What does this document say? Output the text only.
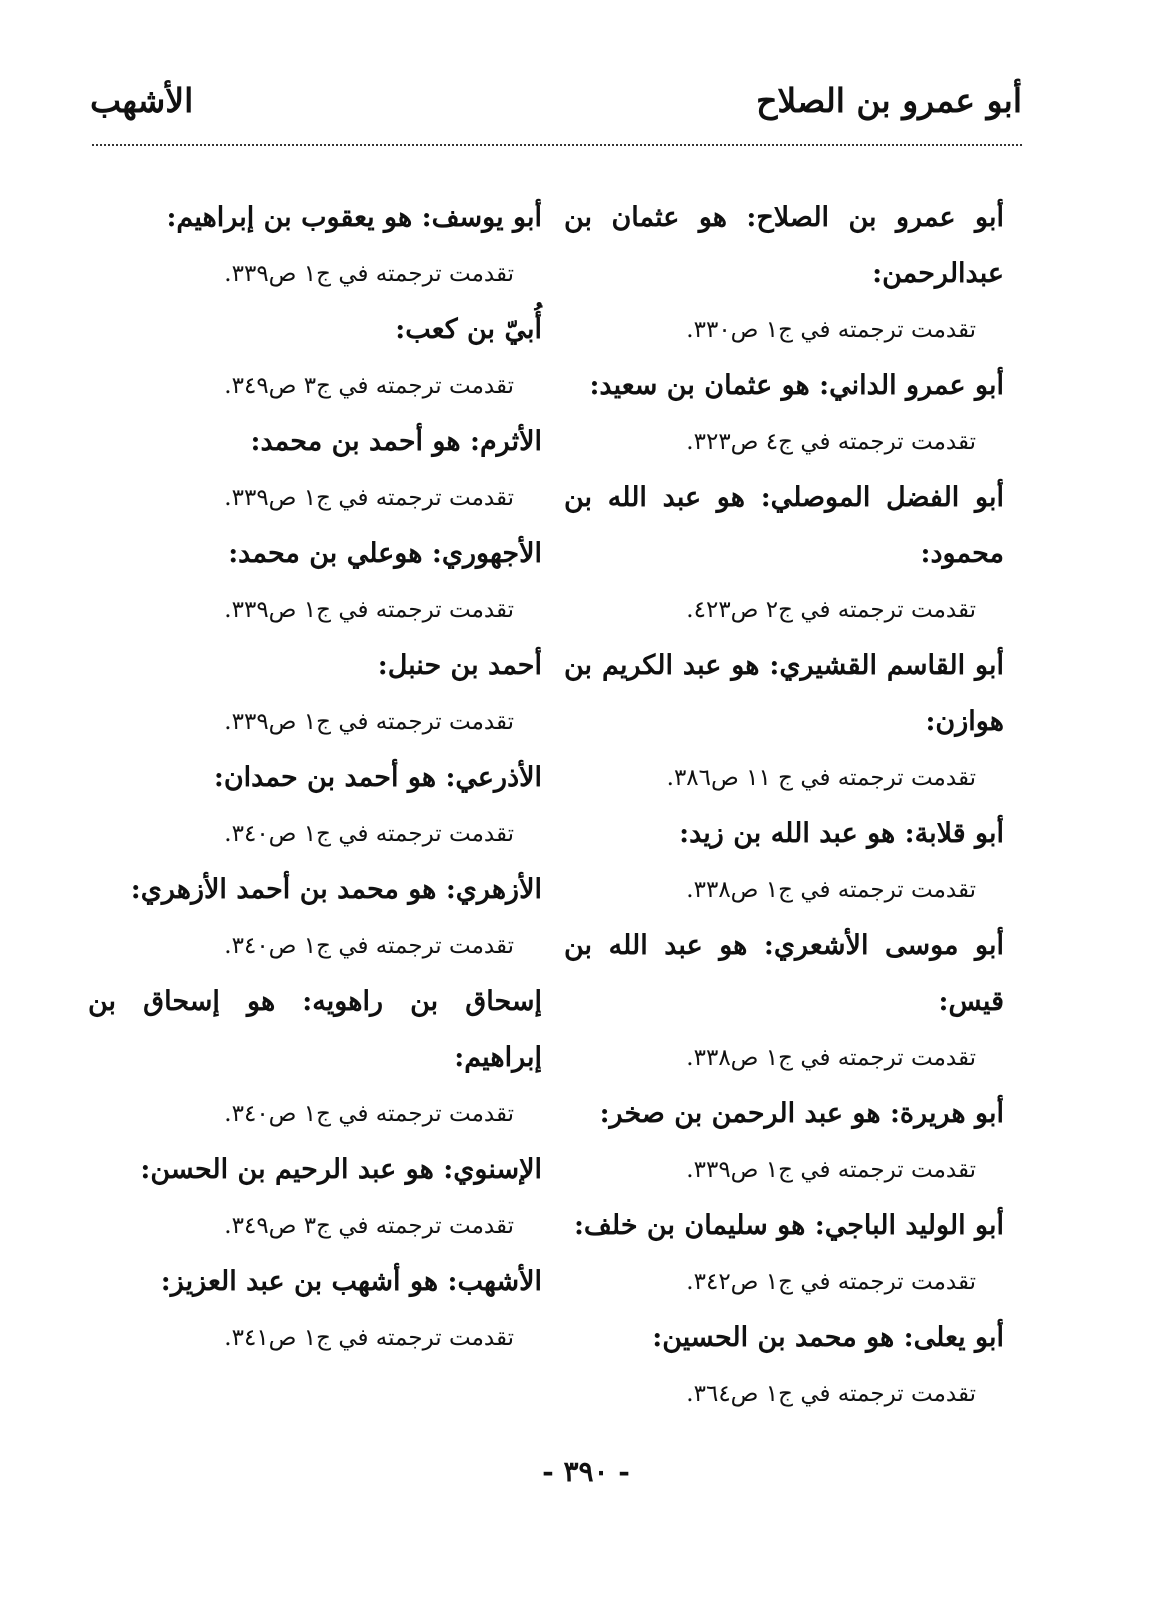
أبو عمرو بن الصلاح
الأشهب
أبو عمرو بن الصلاح: هو عثمان بن عبدالرحمن:
تقدمت ترجمته في ج١ ص٣٣٠.
أبو عمرو الداني: هو عثمان بن سعيد:
تقدمت ترجمته في ج٤ ص٣٢٣.
أبو الفضل الموصلي: هو عبد الله بن محمود:
تقدمت ترجمته في ج٢ ص٤٢٣.
أبو القاسم القشيري: هو عبد الكريم بن هوازن:
تقدمت ترجمته في ج ١١ ص٣٨٦.
أبو قلابة: هو عبد الله بن زيد:
تقدمت ترجمته في ج١ ص٣٣٨.
أبو موسى الأشعري: هو عبد الله بن قيس:
تقدمت ترجمته في ج١ ص٣٣٨.
أبو هريرة: هو عبد الرحمن بن صخر:
تقدمت ترجمته في ج١ ص٣٣٩.
أبو الوليد الباجي: هو سليمان بن خلف:
تقدمت ترجمته في ج١ ص٣٤٢.
أبو يعلى: هو محمد بن الحسين:
تقدمت ترجمته في ج١ ص٣٦٤.
أبو يوسف: هو يعقوب بن إبراهيم:
تقدمت ترجمته في ج١ ص٣٣٩.
أُبيّ بن كعب:
تقدمت ترجمته في ج٣ ص٣٤٩.
الأثرم: هو أحمد بن محمد:
تقدمت ترجمته في ج١ ص٣٣٩.
الأجهوري: هوعلي بن محمد:
تقدمت ترجمته في ج١ ص٣٣٩.
أحمد بن حنبل:
تقدمت ترجمته في ج١ ص٣٣٩.
الأذرعي: هو أحمد بن حمدان:
تقدمت ترجمته في ج١ ص٣٤٠.
الأزهري: هو محمد بن أحمد الأزهري:
تقدمت ترجمته في ج١ ص٣٤٠.
إسحاق بن راهويه: هو إسحاق بن إبراهيم:
تقدمت ترجمته في ج١ ص٣٤٠.
الإسنوي: هو عبد الرحيم بن الحسن:
تقدمت ترجمته في ج٣ ص٣٤٩.
الأشهب: هو أشهب بن عبد العزيز:
تقدمت ترجمته في ج١ ص٣٤١.
- ٣٩٠ -
